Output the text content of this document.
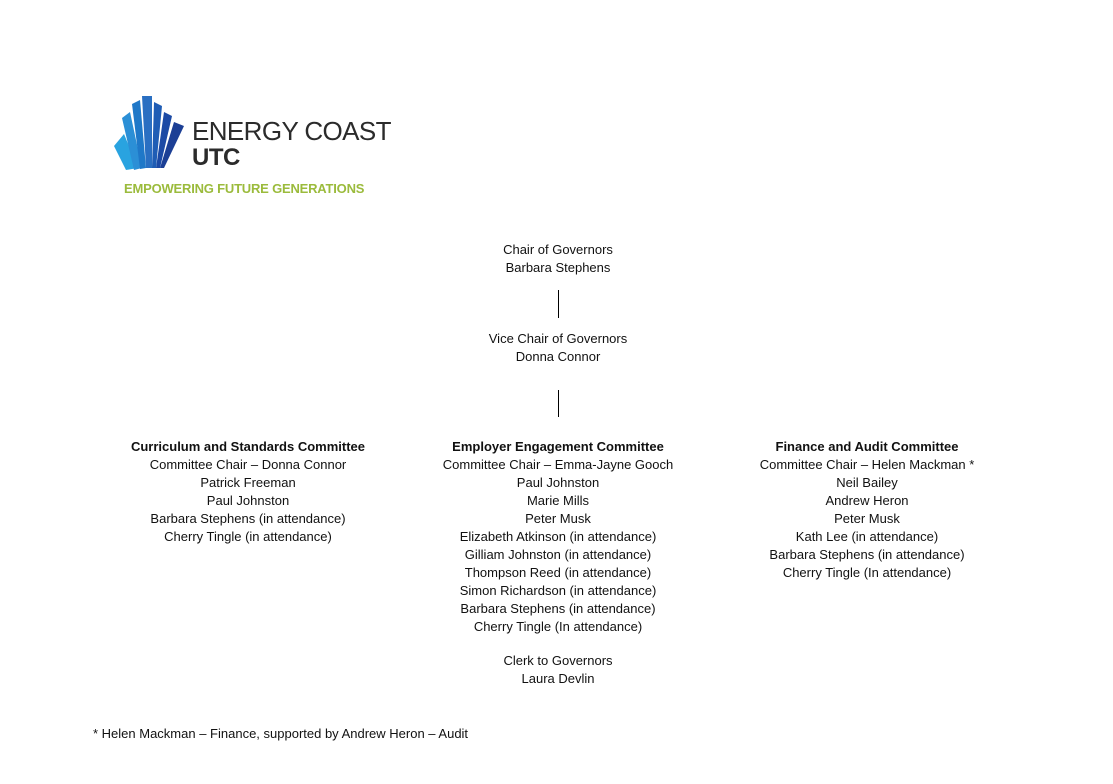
ENERGY COAST
UTC
EMPOWERING FUTURE GENERATIONS
Chair of Governors
Barbara Stephens
Vice Chair of Governors
Donna Connor
Curriculum and Standards Committee
Committee Chair – Donna Connor
Patrick Freeman
Paul Johnston
Barbara Stephens (in attendance)
Cherry Tingle (in attendance)
Employer Engagement Committee
Committee Chair – Emma-Jayne Gooch
Paul Johnston
Marie Mills
Peter Musk
Elizabeth Atkinson (in attendance)
Gilliam Johnston (in attendance)
Thompson Reed (in attendance)
Simon Richardson (in attendance)
Barbara Stephens (in attendance)
Cherry Tingle (In attendance)
Finance and Audit Committee
Committee Chair – Helen Mackman *
Neil Bailey
Andrew Heron
Peter Musk
Kath Lee (in attendance)
Barbara Stephens (in attendance)
Cherry Tingle (In attendance)
Clerk to Governors
Laura Devlin
* Helen Mackman – Finance, supported by Andrew Heron – Audit
